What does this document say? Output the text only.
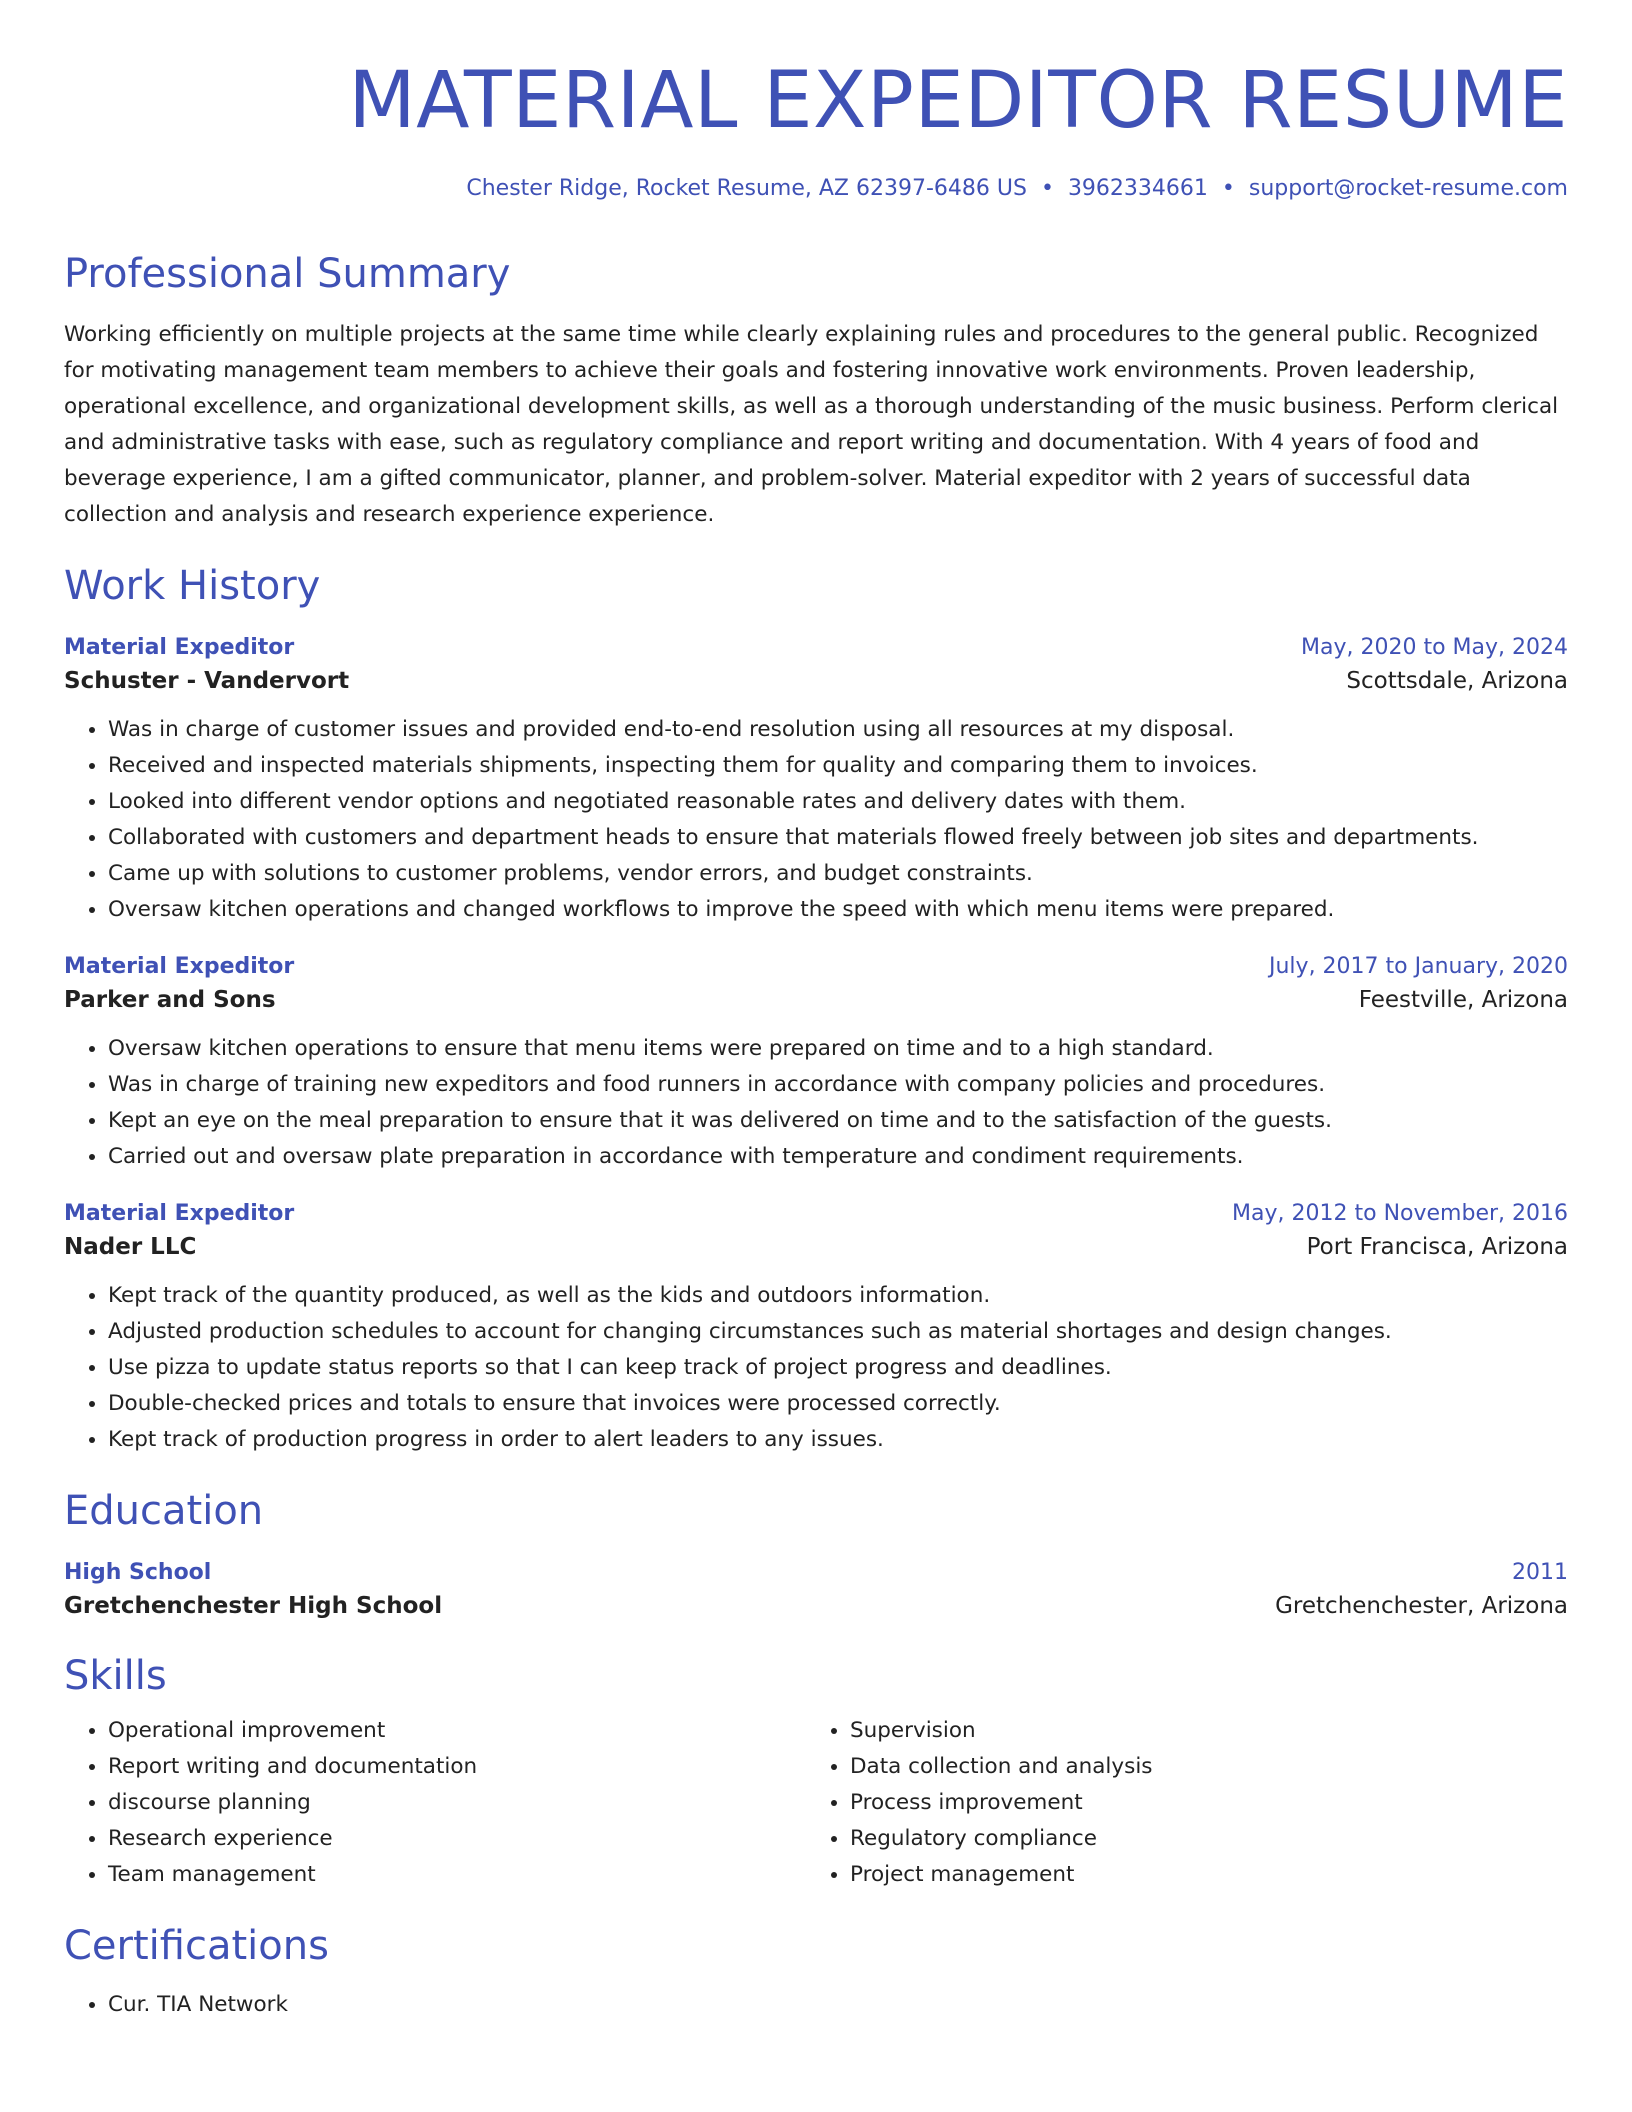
MATERIAL EXPEDITOR RESUME
Chester Ridge, Rocket Resume, AZ 62397-6486 US • 3962334661 • support@rocket-resume.com
Professional Summary
Working efficiently on multiple projects at the same time while clearly explaining rules and procedures to the general public. Recognized for motivating management team members to achieve their goals and fostering innovative work environments. Proven leadership, operational excellence, and organizational development skills, as well as a thorough understanding of the music business. Perform clerical and administrative tasks with ease, such as regulatory compliance and report writing and documentation. With 4 years of food and beverage experience, I am a gifted communicator, planner, and problem-solver. Material expeditor with 2 years of successful data collection and analysis and research experience experience.
Work History
Material Expeditor	May, 2020 to May, 2024
Schuster - Vandervort	Scottsdale, Arizona
• Was in charge of customer issues and provided end-to-end resolution using all resources at my disposal.
• Received and inspected materials shipments, inspecting them for quality and comparing them to invoices.
• Looked into different vendor options and negotiated reasonable rates and delivery dates with them.
• Collaborated with customers and department heads to ensure that materials flowed freely between job sites and departments.
• Came up with solutions to customer problems, vendor errors, and budget constraints.
• Oversaw kitchen operations and changed workflows to improve the speed with which menu items were prepared.
Material Expeditor	July, 2017 to January, 2020
Parker and Sons	Feestville, Arizona
• Oversaw kitchen operations to ensure that menu items were prepared on time and to a high standard.
• Was in charge of training new expeditors and food runners in accordance with company policies and procedures.
• Kept an eye on the meal preparation to ensure that it was delivered on time and to the satisfaction of the guests.
• Carried out and oversaw plate preparation in accordance with temperature and condiment requirements.
Material Expeditor	May, 2012 to November, 2016
Nader LLC	Port Francisca, Arizona
• Kept track of the quantity produced, as well as the kids and outdoors information.
• Adjusted production schedules to account for changing circumstances such as material shortages and design changes.
• Use pizza to update status reports so that I can keep track of project progress and deadlines.
• Double-checked prices and totals to ensure that invoices were processed correctly.
• Kept track of production progress in order to alert leaders to any issues.
Education
High School	2011
Gretchenchester High School	Gretchenchester, Arizona
Skills
• Operational improvement
• Report writing and documentation
• discourse planning
• Research experience
• Team management
• Supervision
• Data collection and analysis
• Process improvement
• Regulatory compliance
• Project management
Certifications
• Cur. TIA Network
